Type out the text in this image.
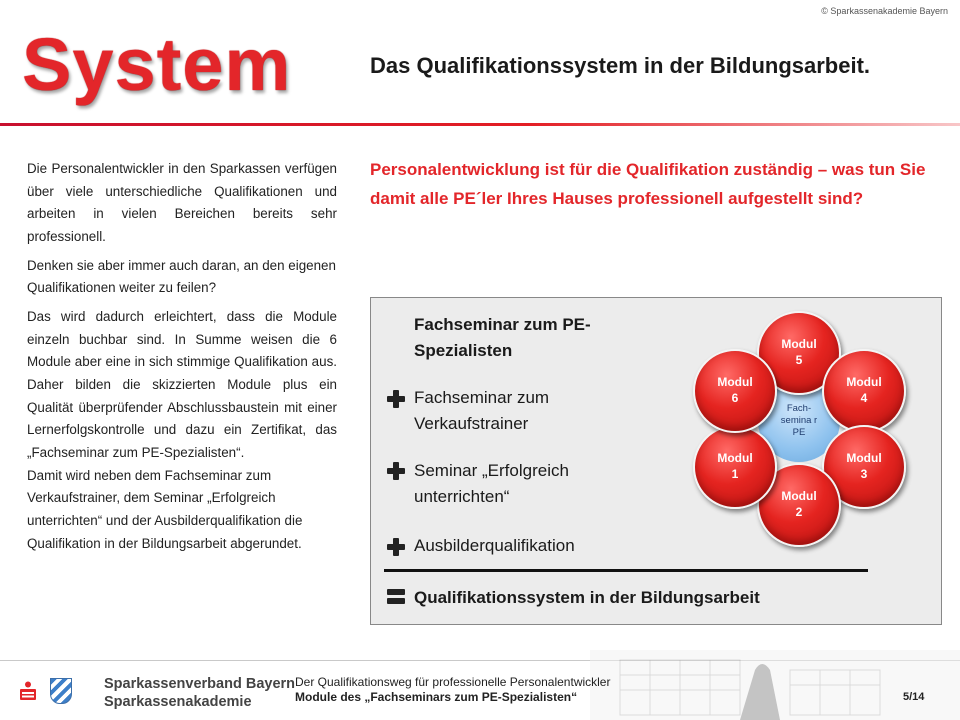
© Sparkassenakademie Bayern
System	Das Qualifikationssystem in der Bildungsarbeit.

Die Personalentwickler in den Sparkassen verfügen über viele unterschiedliche Qualifikationen und arbeiten in vielen Bereichen bereits sehr professionell.

Denken sie aber immer auch daran, an den eigenen Qualifikationen weiter zu feilen?

Das wird dadurch erleichtert, dass die Module einzeln buchbar sind. In Summe weisen die 6 Module aber eine in sich stimmige Qualifikation aus. Daher bilden die skizzierten Module plus ein Qualität überprüfender Abschlussbaustein mit einer Lernerfolgskontrolle und dazu ein Zertifikat, das „Fachseminar zum PE-Spezialisten“.

Damit wird neben dem Fachseminar zum Verkaufstrainer, dem Seminar „Erfolgreich unterrichten“ und der Ausbilderqualifikation die Qualifikation in der Bildungsarbeit abgerundet.

Personalentwicklung ist für die Qualifikation zuständig – was tun Sie damit alle PE´ler Ihres Hauses professionell aufgestellt sind?
Fachseminar zum PE-Spezialisten
Fachseminar zum Verkaufstrainer
Seminar „Erfolgreich unterrichten“
Ausbilderqualifikation
Qualifikationssystem in der Bildungsarbeit
Fach-semina r PE
Modul
5
Modul
4
Modul
3
Modul
2
Modul
1
Modul
6
Sparkassenverband Bayern
Sparkassenakademie
Der Qualifikationsweg für professionelle Personalentwickler
Module des „Fachseminars zum PE-Spezialisten“	5/14
